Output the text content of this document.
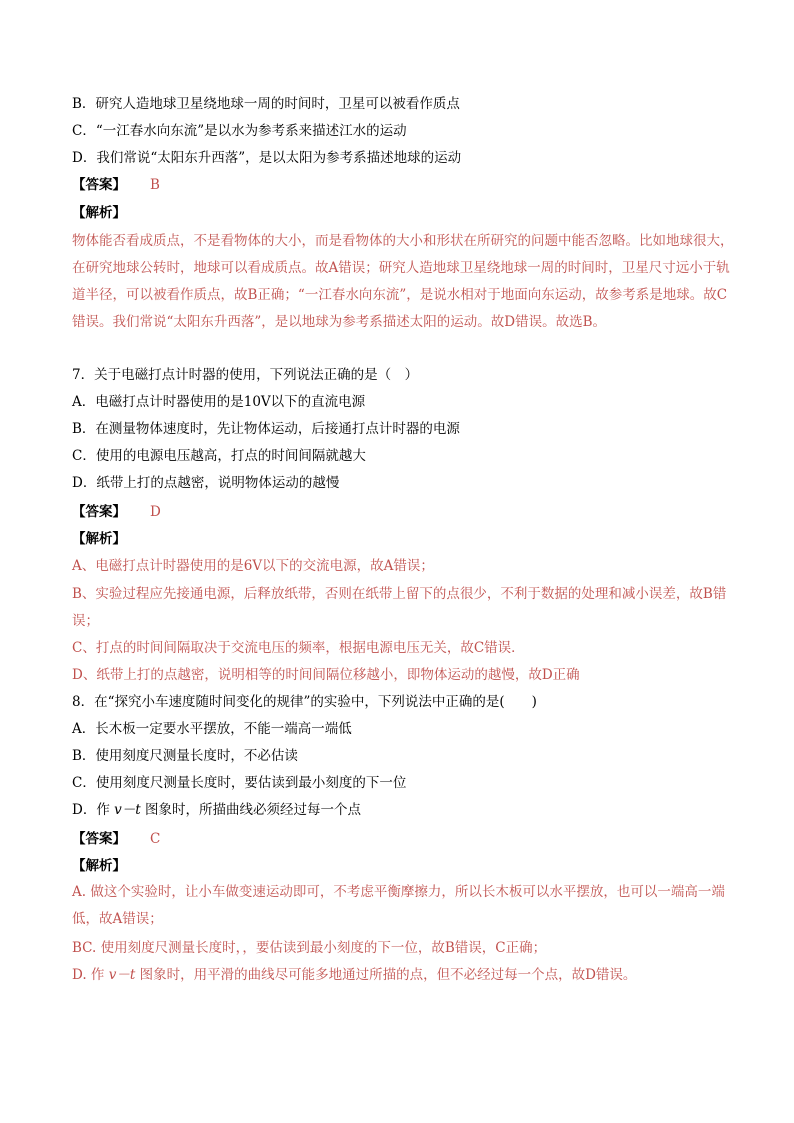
B．研究人造地球卫星绕地球一周的时间时，卫星可以被看作质点
C．“一江春水向东流”是以水为参考系来描述江水的运动
D．我们常说“太阳东升西落”，是以太阳为参考系描述地球的运动
【答案】 B
【解析】
物体能否看成质点，不是看物体的大小，而是看物体的大小和形状在所研究的问题中能否忽略。比如地球很大，在研究地球公转时，地球可以看成质点。故A错误；研究人造地球卫星绕地球一周的时间时，卫星尺寸远小于轨道半径，可以被看作质点，故B正确；“一江春水向东流”，是说水相对于地面向东运动，故参考系是地球。故C错误。我们常说“太阳东升西落”，是以地球为参考系描述太阳的运动。故D错误。故选B。
7．关于电磁打点计时器的使用，下列说法正确的是（　）
A．电磁打点计时器使用的是10V以下的直流电源
B．在测量物体速度时，先让物体运动，后接通打点计时器的电源
C．使用的电源电压越高，打点的时间间隔就越大
D．纸带上打的点越密，说明物体运动的越慢
【答案】 D
【解析】
A、电磁打点计时器使用的是6V以下的交流电源，故A错误；
B、实验过程应先接通电源，后释放纸带，否则在纸带上留下的点很少，不利于数据的处理和减小误差，故B错误；
C、打点的时间间隔取决于交流电压的频率，根据电源电压无关，故C错误．
D、纸带上打的点越密，说明相等的时间间隔位移越小，即物体运动的越慢，故D正确
8．在“探究小车速度随时间变化的规律”的实验中，下列说法中正确的是(　　)
A．长木板一定要水平摆放，不能一端高一端低
B．使用刻度尺测量长度时，不必估读
C．使用刻度尺测量长度时，要估读到最小刻度的下一位
D．作 v－t 图象时，所描曲线必须经过每一个点
【答案】 C
【解析】
A. 做这个实验时，让小车做变速运动即可，不考虑平衡摩擦力，所以长木板可以水平摆放，也可以一端高一端低，故A错误；
BC. 使用刻度尺测量长度时，，要估读到最小刻度的下一位，故B错误，C正确；
D. 作 v－t 图象时，用平滑的曲线尽可能多地通过所描的点，但不必经过每一个点，故D错误。
